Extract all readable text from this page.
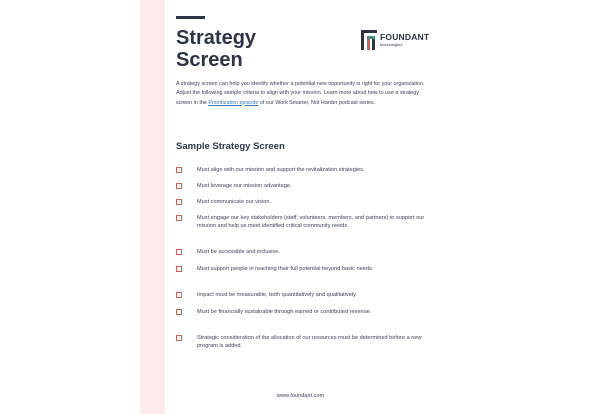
Strategy
Screen
FOUNDANT
technologies

A strategy screen can help you identify whether a potential new opportunity is right for your organization. Adjust the following sample criteria to align with your mission. Learn more about how to use a strategy screen in the Prioritization episode of our Work Smarter, Not Harder podcast series.

Sample Strategy Screen
Must align with our mission and support the revitalization strategies.
Must leverage our mission advantage.
Must communicate our vision.
Must engage our key stakeholders (staff, volunteers, members, and partners) to support our mission and help us meet identified critical community needs.
Must be accessible and inclusive.
Must support people in reaching their full potential beyond basic needs.
Impact must be measurable, both quantitatively and qualitatively.
Must be financially sustainable through earned or contributed revenue.
Strategic consideration of the allocation of our resources must be determined before a new program is added.
www.foundant.com
